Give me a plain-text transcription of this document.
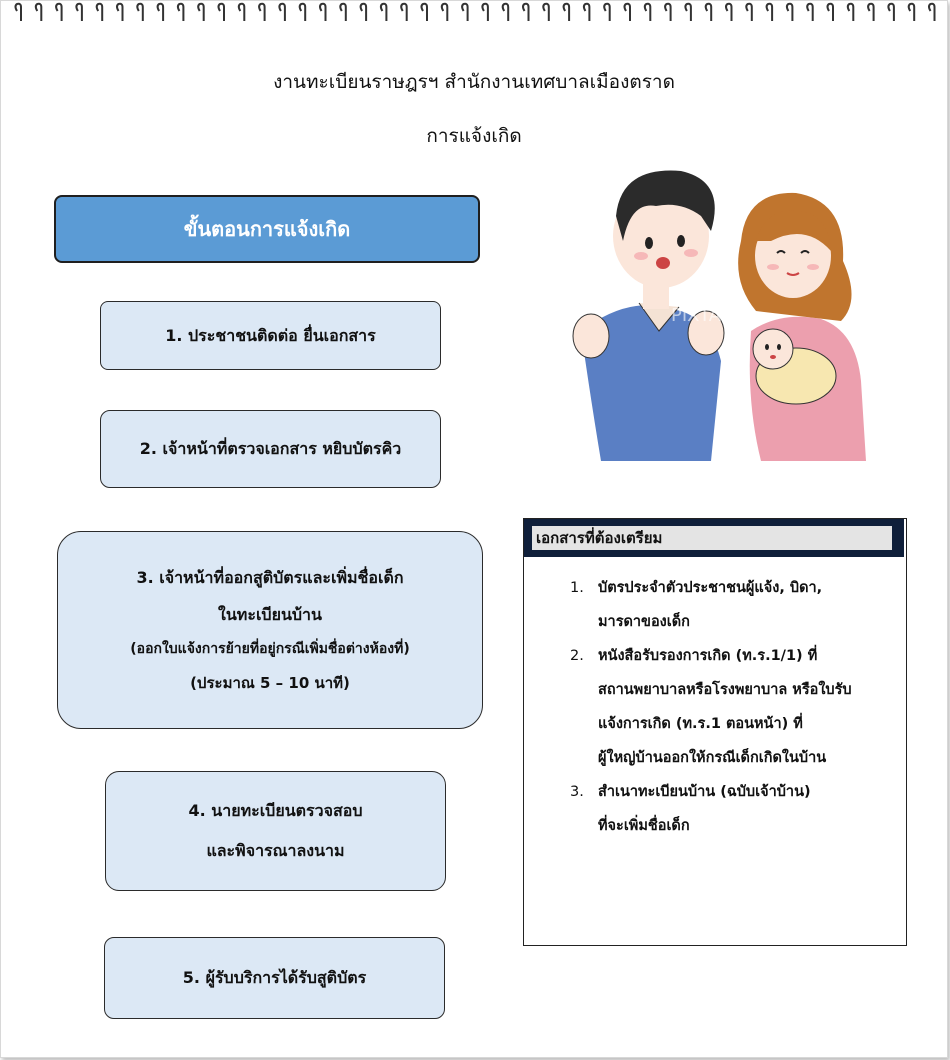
งานทะเบียนราษฎรฯ สำนักงานเทศบาลเมืองตราด
การแจ้งเกิด
ขั้นตอนการแจ้งเกิด
1. ประชาชนติดต่อ ยื่นเอกสาร
2. เจ้าหน้าที่ตรวจเอกสาร หยิบบัตรคิว
3. เจ้าหน้าที่ออกสูติบัตรและเพิ่มชื่อเด็ก
ในทะเบียนบ้าน
(ออกใบแจ้งการย้ายที่อยู่กรณีเพิ่มชื่อต่างห้องที่)
(ประมาณ 5 – 10 นาที)
4. นายทะเบียนตรวจสอบ
และพิจารณาลงนาม
5. ผู้รับบริการได้รับสูติบัตร
PIXTA
เอกสารที่ต้องเตรียม
1. บัตรประจำตัวประชาชนผู้แจ้ง, บิดา,
มารดาของเด็ก
2. หนังสือรับรองการเกิด (ท.ร.1/1) ที่
สถานพยาบาลหรือโรงพยาบาล หรือใบรับ
แจ้งการเกิด (ท.ร.1 ตอนหน้า) ที่
ผู้ใหญ่บ้านออกให้กรณีเด็กเกิดในบ้าน
3. สำเนาทะเบียนบ้าน (ฉบับเจ้าบ้าน)
ที่จะเพิ่มชื่อเด็ก
